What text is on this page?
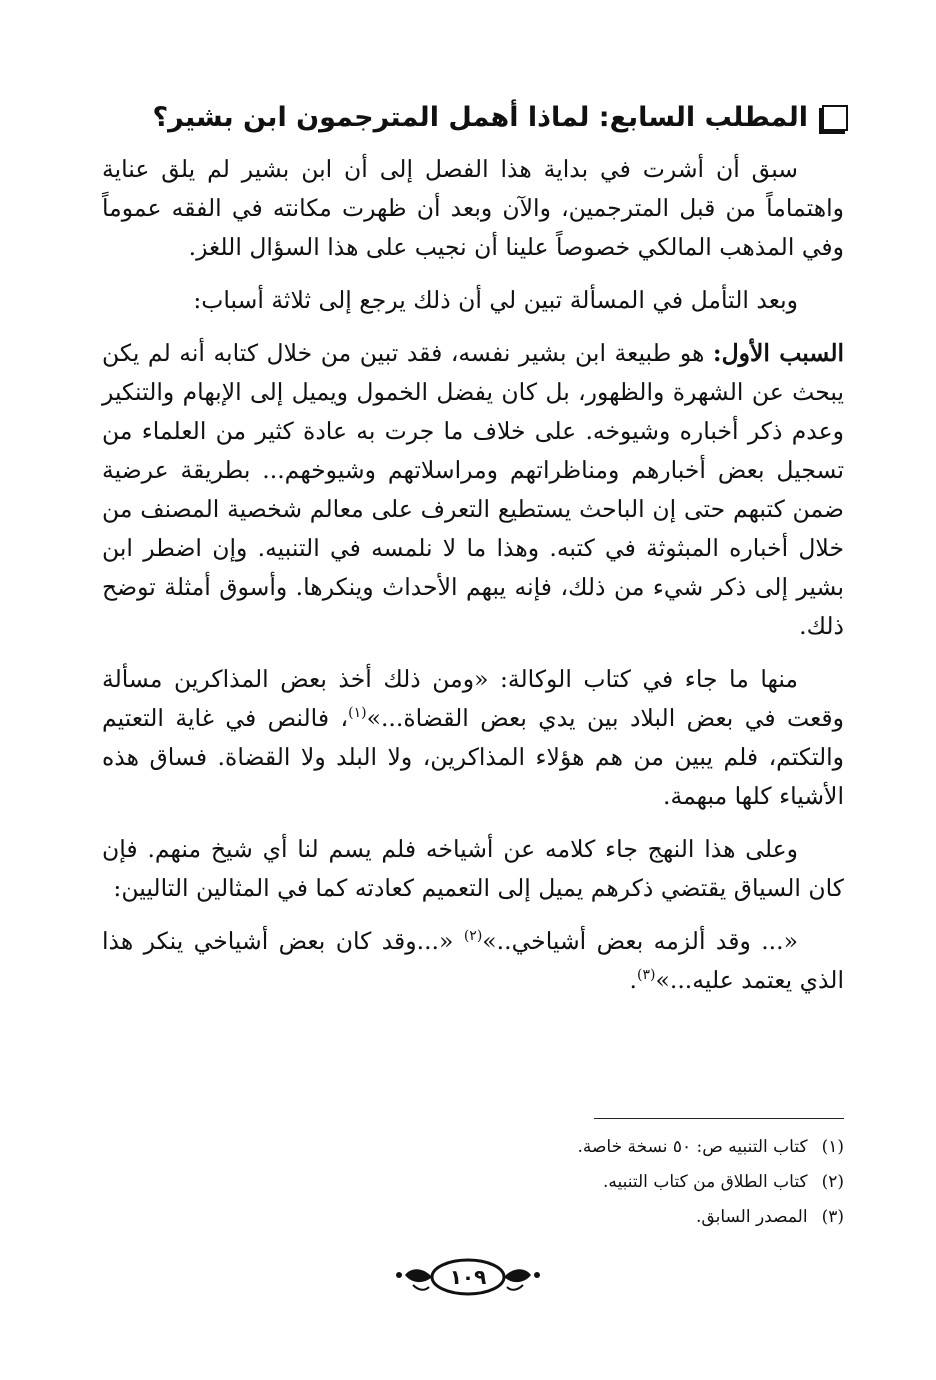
المطلب السابع: لماذا أهمل المترجمون ابن بشير؟

سبق أن أشرت في بداية هذا الفصل إلى أن ابن بشير لم يلق عناية واهتماماً من قبل المترجمين، والآن وبعد أن ظهرت مكانته في الفقه عموماً وفي المذهب المالكي خصوصاً علينا أن نجيب على هذا السؤال اللغز.

وبعد التأمل في المسألة تبين لي أن ذلك يرجع إلى ثلاثة أسباب:

السبب الأول: هو طبيعة ابن بشير نفسه، فقد تبين من خلال كتابه أنه لم يكن يبحث عن الشهرة والظهور، بل كان يفضل الخمول ويميل إلى الإبهام والتنكير وعدم ذكر أخباره وشيوخه. على خلاف ما جرت به عادة كثير من العلماء من تسجيل بعض أخبارهم ومناظراتهم ومراسلاتهم وشيوخهم... بطريقة عرضية ضمن كتبهم حتى إن الباحث يستطيع التعرف على معالم شخصية المصنف من خلال أخباره المبثوثة في كتبه. وهذا ما لا نلمسه في التنبيه. وإن اضطر ابن بشير إلى ذكر شيء من ذلك، فإنه يبهم الأحداث وينكرها. وأسوق أمثلة توضح ذلك.

منها ما جاء في كتاب الوكالة: «ومن ذلك أخذ بعض المذاكرين مسألة وقعت في بعض البلاد بين يدي بعض القضاة...»$^{(١)}$، فالنص في غاية التعتيم والتكتم، فلم يبين من هم هؤلاء المذاكرين، ولا البلد ولا القضاة. فساق هذه الأشياء كلها مبهمة.

وعلى هذا النهج جاء كلامه عن أشياخه فلم يسم لنا أي شيخ منهم. فإن كان السياق يقتضي ذكرهم يميل إلى التعميم كعادته كما في المثالين التاليين:

«... وقد ألزمه بعض أشياخي..»$^{(٢)}$ «...وقد كان بعض أشياخي ينكر هذا الذي يعتمد عليه...»$^{(٣)}$.

(١)
كتاب التنبيه ص: ٥٠ نسخة خاصة.
(٢)
كتاب الطلاق من كتاب التنبيه.
(٣)
المصدر السابق.
١٠٩
